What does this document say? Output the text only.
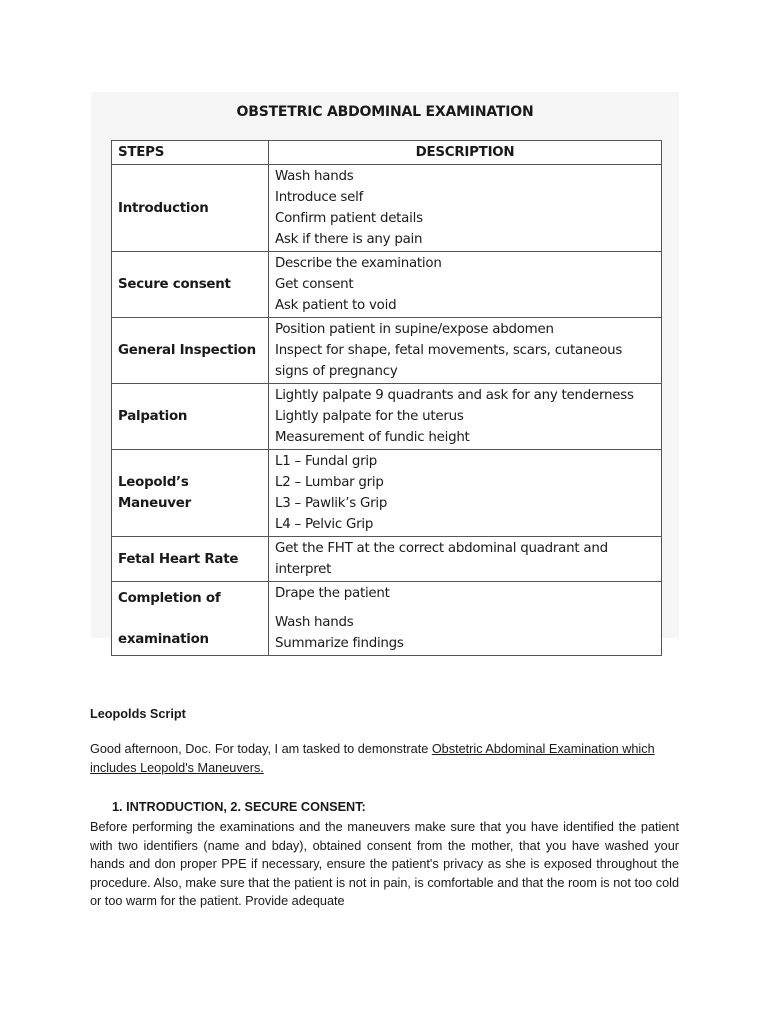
OBSTETRIC ABDOMINAL EXAMINATION
STEPS	DESCRIPTION

Introduction	Wash hands
Introduce self
Confirm patient details
Ask if there is any pain

Secure consent	Describe the examination
Get consent
Ask patient to void

General Inspection	Position patient in supine/expose abdomen
Inspect for shape, fetal movements, scars, cutaneous
signs of pregnancy

Palpation	Lightly palpate 9 quadrants and ask for any tenderness
Lightly palpate for the uterus
Measurement of fundic height

Leopold’s
Maneuver	L1 – Fundal grip
L2 – Lumbar grip
L3 – Pawlik’s Grip
L4 – Pelvic Grip

Fetal Heart Rate	Get the FHT at the correct abdominal quadrant and
interpret

Completion of
examination	Drape the patient
Wash hands
Summarize findings
Leopolds Script
Good afternoon, Doc. For today, I am tasked to demonstrate Obstetric Abdominal Examination which includes Leopold's Maneuvers.
1. INTRODUCTION, 2. SECURE CONSENT:
Before performing the examinations and the maneuvers make sure that you have identified the patient with two identifiers (name and bday), obtained consent from the mother, that you have washed your hands and don proper PPE if necessary, ensure the patient's privacy as she is exposed throughout the procedure. Also, make sure that the patient is not in pain, is comfortable and that the room is not too cold or too warm for the patient. Provide adequate
